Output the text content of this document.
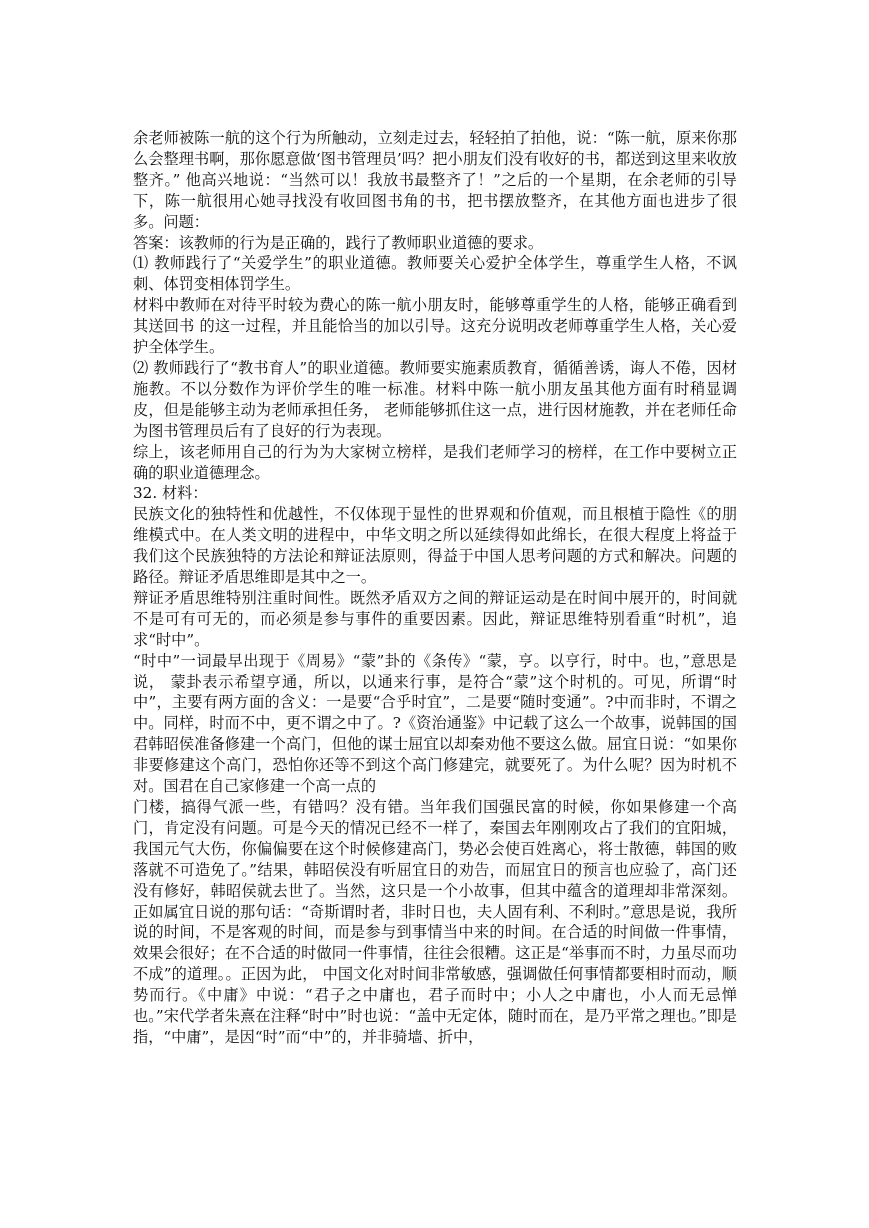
余老师被陈一航的这个行为所触动，立刻走过去，轻轻拍了拍他，说：“陈一航，原来你那么会整理书啊，那你愿意做‘图书管理员’吗？把小朋友们没有收好的书，都送到这里来收放整齐。” 他高兴地说：“当然可以！我放书最整齐了！”之后的一个星期，在余老师的引导下，陈一航很用心她寻找没有收回图书角的书，把书摆放整齐，在其他方面也进步了很多。问题：

答案：该教师的行为是正确的，践行了教师职业道德的要求。

⑴ 教师践行了“关爱学生”的职业道德。教师要关心爱护全体学生，尊重学生人格，不讽刺、体罚变相体罚学生。

材料中教师在对待平时较为费心的陈一航小朋友时，能够尊重学生的人格，能够正确看到其送回书 的这一过程，并且能恰当的加以引导。这充分说明改老师尊重学生人格，关心爱护全体学生。

⑵ 教师践行了“教书育人”的职业道德。教师要实施素质教育，循循善诱，诲人不倦，因材施教。不以分数作为评价学生的唯一标准。材料中陈一航小朋友虽其他方面有时稍显调皮，但是能够主动为老师承担任务， 老师能够抓住这一点，进行因材施教，并在老师任命为图书管理员后有了良好的行为表现。

综上，该老师用自己的行为为大家树立榜样，是我们老师学习的榜样，在工作中要树立正确的职业道德理念。

32. 材料：

民族文化的独特性和优越性，不仅体现于显性的世界观和价值观，而且根植于隐性《的朋维模式中。在人类文明的进程中，中华文明之所以延续得如此绵长，在很大程度上将益于我们这个民族独特的方法论和辩证法原则，得益于中国人思考问题的方式和解决。问题的路径。辩证矛盾思维即是其中之一。

辩证矛盾思维特别注重时间性。既然矛盾双方之间的辩证运动是在时间中展开的，时间就不是可有可无的，而必须是参与事件的重要因素。因此，辩证思维特别看重“时机”，追求“时中”。

“时中”一词最早出现于《周易》“蒙”卦的《条传》“蒙，亨。以亨行，时中。也，”意思是说， 蒙卦表示希望亨通，所以，以通来行事，是符合“蒙”这个时机的。可见，所谓“时中”，主要有两方面的含义：一是要“合乎时宜”，二是要“随时变通”。?中而非时，不谓之中。同样，时而不中，更不谓之中了。?《资治通鉴》中记载了这么一个故事，说韩国的国君韩昭侯准备修建一个高门，但他的谋士屈宜以却秦劝他不要这么做。屈宜日说：“如果你非要修建这个高门，恐怕你还等不到这个高门修建完，就要死了。为什么呢？因为时机不对。国君在自己家修建一个高一点的

门楼，搞得气派一些，有错吗？没有错。当年我们国强民富的时候，你如果修建一个高门，肯定没有问题。可是今天的情况已经不一样了，秦国去年刚刚攻占了我们的宜阳城，我国元气大伤，你偏偏要在这个时候修建高门，势必会使百姓离心，将士散德，韩国的败落就不可造免了。”结果，韩昭侯没有听屈宜日的劝告，而屈宜日的预言也应验了，高门还没有修好，韩昭侯就去世了。当然，这只是一个小故事，但其中蕴含的道理却非常深刻。正如属宜日说的那句话：“奇斯谓时者，非时日也，夫人固有利、不利时。”意思是说，我所说的时间，不是客观的时间，而是参与到事情当中来的时间。在合适的时间做一件事情，效果会很好；在不合适的时做同一件事情，往往会很糟。这正是“举事而不时，力虽尽而功不成”的道理。。正因为此， 中国文化对时间非常敏感，强调做任何事情都要相时而动，顺势而行。《中庸》中说：“君子之中庸也，君子而时中；小人之中庸也，小人而无忌惮也。”宋代学者朱熹在注释“时中”时也说：“盖中无定体，随时而在，是乃平常之理也。”即是指，“中庸”，是因“时”而“中”的，并非骑墙、折中，
